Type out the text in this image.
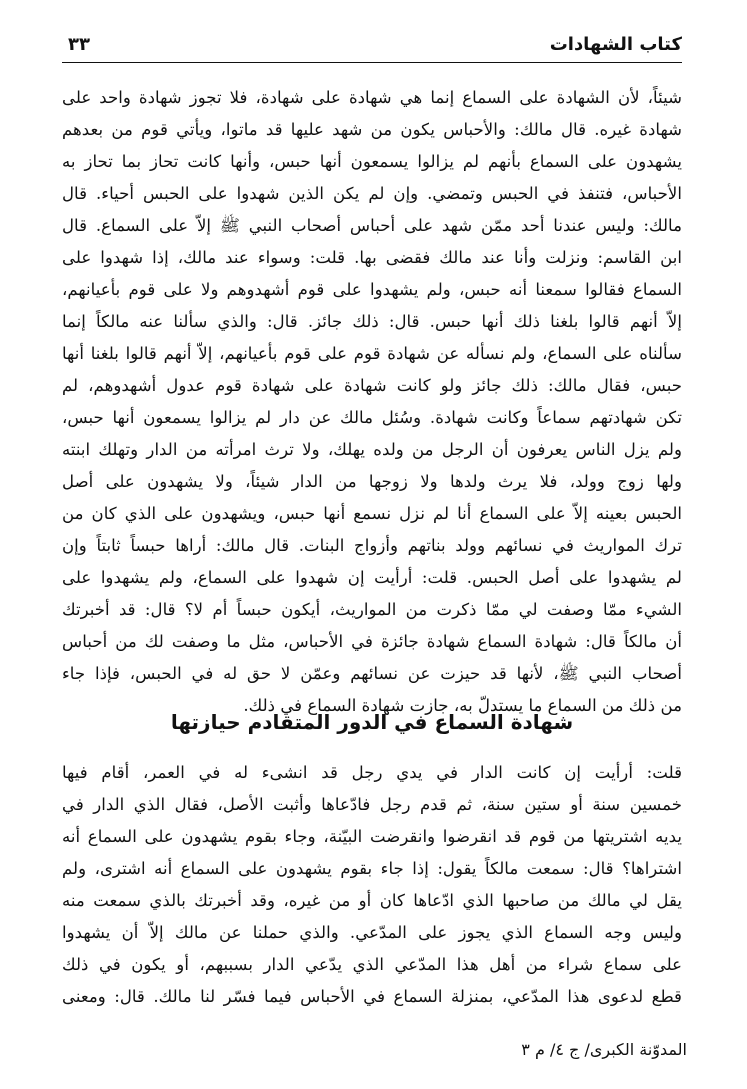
كتاب الشهادات
٣٣
شيئاً، لأن الشهادة على السماع إنما هي شهادة على شهادة، فلا تجوز شهادة واحد على
شهادة غيره. قال مالك: والأحباس يكون من شهد عليها قد ماتوا، ويأتي قوم من بعدهم
يشهدون على السماع بأنهم لم يزالوا يسمعون أنها حبس، وأنها كانت تحاز بما تحاز به
الأحباس، فتنفذ في الحبس وتمضي. وإن لم يكن الذين شهدوا على الحبس أحياء. قال
مالك: وليس عندنا أحد ممّن شهد على أحباس أصحاب النبي ﷺ إلاّ على السماع. قال
ابن القاسم: ونزلت وأنا عند مالك فقضى بها. قلت: وسواء عند مالك، إذا شهدوا على
السماع فقالوا سمعنا أنه حبس، ولم يشهدوا على قوم أشهدوهم ولا على قوم بأعيانهم،
إلاّ أنهم قالوا بلغنا ذلك أنها حبس. قال: ذلك جائز. قال: والذي سألنا عنه مالكاً إنما
سألناه على السماع، ولم نسأله عن شهادة قوم على قوم بأعيانهم، إلاّ أنهم قالوا بلغنا أنها
حبس، فقال مالك: ذلك جائز ولو كانت شهادة على شهادة قوم عدول أشهدوهم، لم
تكن شهادتهم سماعاً وكانت شهادة. وسُئل مالك عن دار لم يزالوا يسمعون أنها حبس،
ولم يزل الناس يعرفون أن الرجل من ولده يهلك، ولا ترث امرأته من الدار وتهلك ابنته
ولها زوج وولد، فلا يرث ولدها ولا زوجها من الدار شيئاً، ولا يشهدون على أصل
الحبس بعينه إلاّ على السماع أنا لم نزل نسمع أنها حبس، ويشهدون على الذي كان من
ترك المواريث في نسائهم وولد بناتهم وأزواج البنات. قال مالك: أراها حبساً ثابتاً وإن
لم يشهدوا على أصل الحبس. قلت: أرأيت إن شهدوا على السماع، ولم يشهدوا على
الشيء ممّا وصفت لي ممّا ذكرت من المواريث، أيكون حبساً أم لا؟ قال: قد أخبرتك
أن مالكاً قال: شهادة السماع شهادة جائزة في الأحباس، مثل ما وصفت لك من أحباس
أصحاب النبي ﷺ، لأنها قد حيزت عن نسائهم وعمّن لا حق له في الحبس، فإذا جاء
من ذلك من السماع ما يستدلّ به، جازت شهادة السماع في ذلك.
شهادة السماع في الدور المتقادم حيازتها
قلت: أرأيت إن كانت الدار في يدي رجل قد انشىء له في العمر، أقام فيها
خمسين سنة أو ستين سنة، ثم قدم رجل فادّعاها وأثبت الأصل، فقال الذي الدار في
يديه اشتريتها من قوم قد انقرضوا وانقرضت البيّنة، وجاء بقوم يشهدون على السماع أنه
اشتراها؟ قال: سمعت مالكاً يقول: إذا جاء بقوم يشهدون على السماع أنه اشترى، ولم
يقل لي مالك من صاحبها الذي ادّعاها كان أو من غيره، وقد أخبرتك بالذي سمعت منه
وليس وجه السماع الذي يجوز على المدّعي. والذي حملنا عن مالك إلاّ أن يشهدوا
على سماع شراء من أهل هذا المدّعي الذي يدّعي الدار بسببهم، أو يكون في ذلك
قطع لدعوى هذا المدّعي، بمنزلة السماع في الأحباس فيما فسّر لنا مالك. قال: ومعنى
المدوّنة الكبرى/ ج ٤/ م ٣
